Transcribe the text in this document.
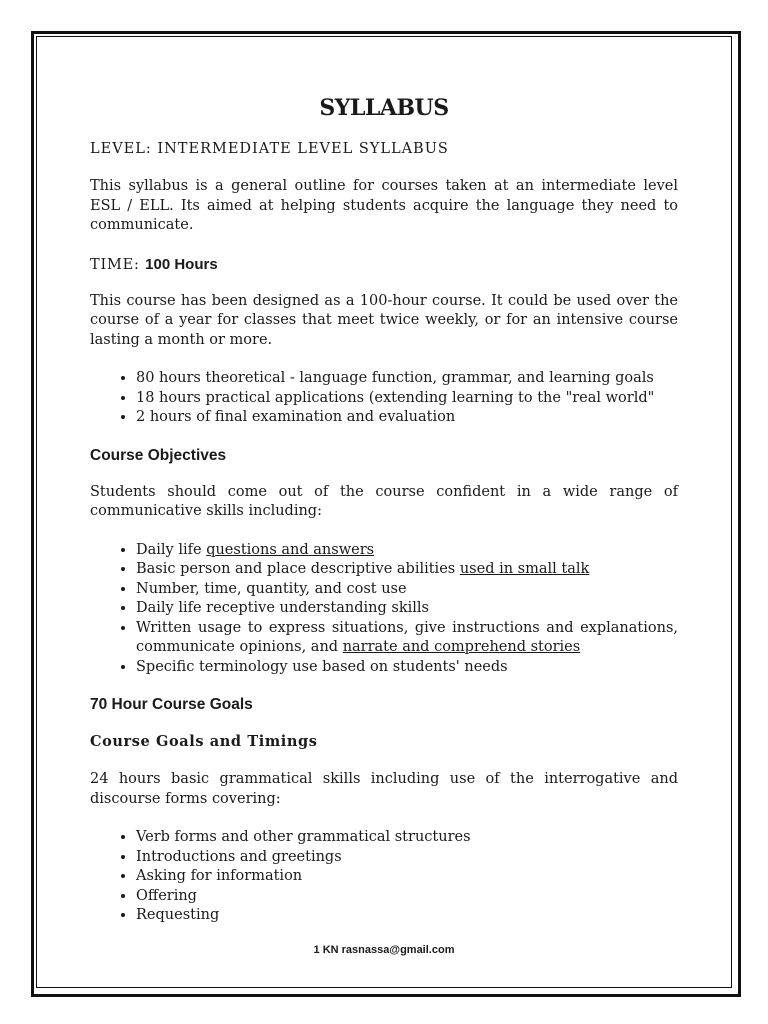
SYLLABUS
LEVEL: INTERMEDIATE LEVEL SYLLABUS

This syllabus is a general outline for courses taken at an intermediate level ESL / ELL. Its aimed at helping students acquire the language they need to communicate.

TIME: 100 Hours

This course has been designed as a 100-hour course. It could be used over the course of a year for classes that meet twice weekly, or for an intensive course lasting a month or more.

• 80 hours theoretical - language function, grammar, and learning goals
• 18 hours practical applications (extending learning to the "real world"
• 2 hours of final examination and evaluation
Course Objectives

Students should come out of the course confident in a wide range of communicative skills including:

• Daily life questions and answers
• Basic person and place descriptive abilities used in small talk
• Number, time, quantity, and cost use
• Daily life receptive understanding skills
• Written usage to express situations, give instructions and explanations, communicate opinions, and narrate and comprehend stories
• Specific terminology use based on students' needs
70 Hour Course Goals
Course Goals and Timings

24 hours basic grammatical skills including use of the interrogative and discourse forms covering:

• Verb forms and other grammatical structures
• Introductions and greetings
• Asking for information
• Offering
• Requesting
1 KN rasnassa@gmail.com
